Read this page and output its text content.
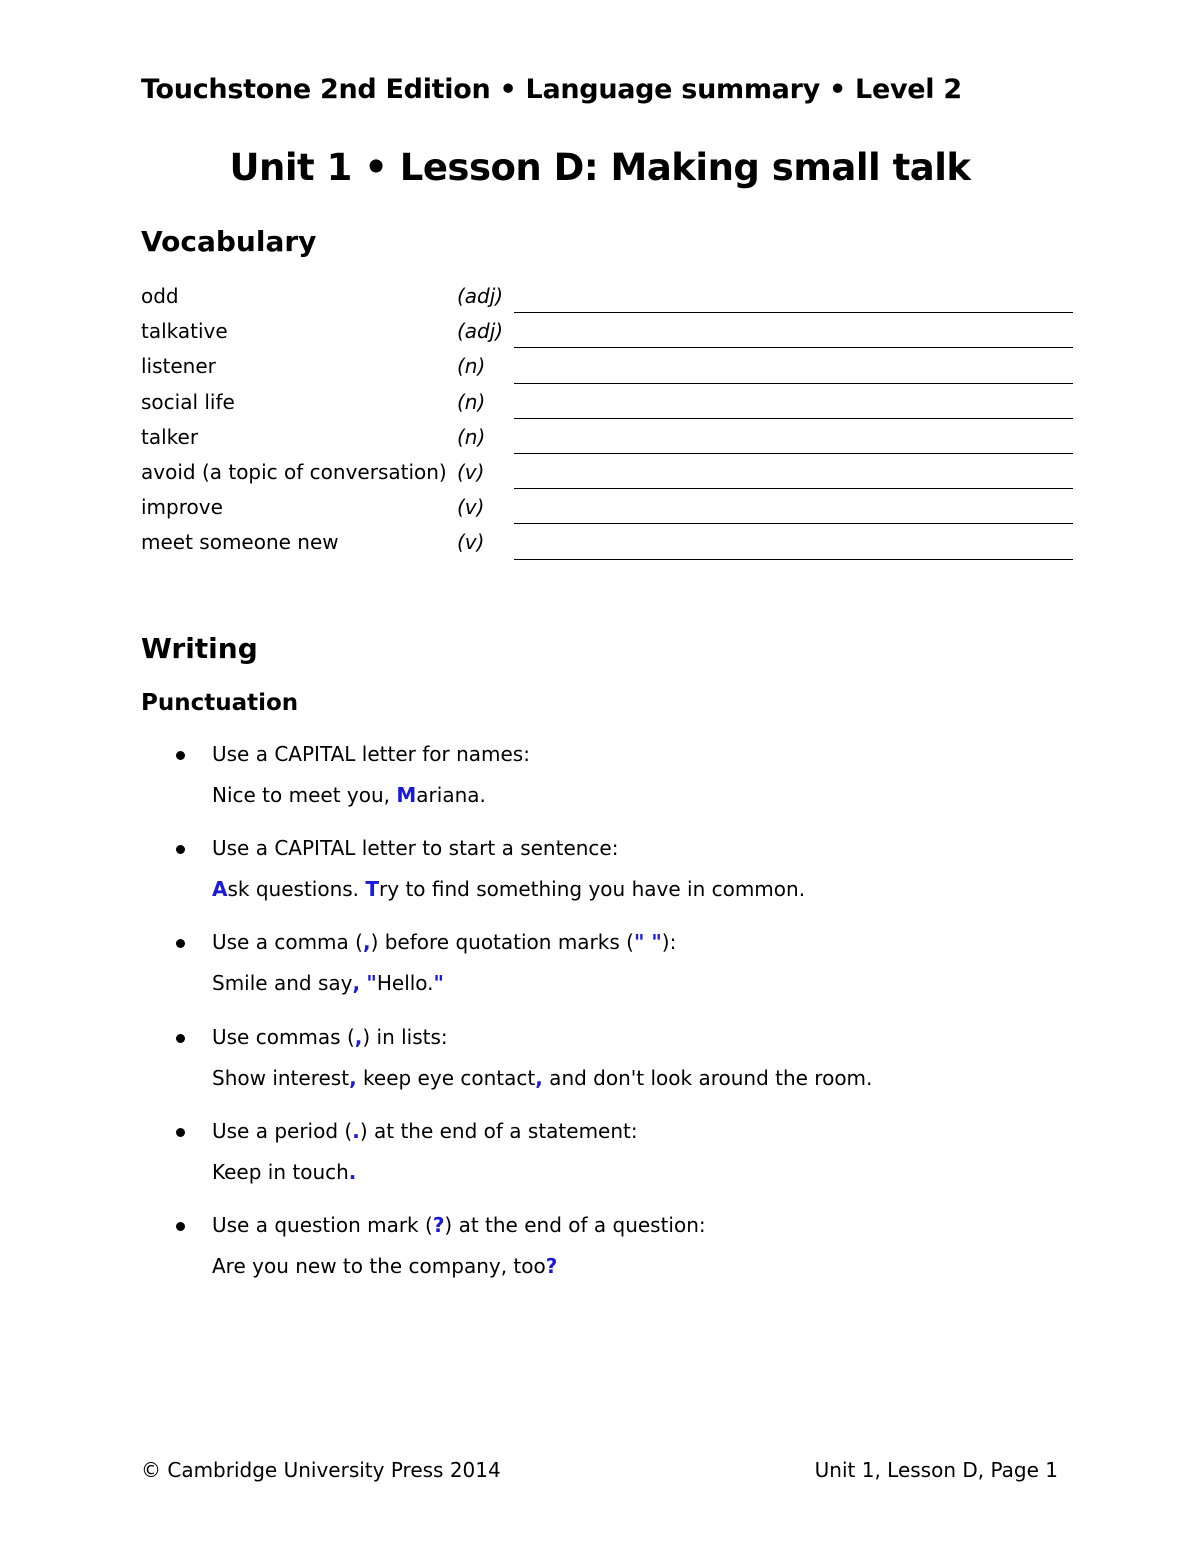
Touchstone 2nd Edition • Language summary • Level 2
Unit 1 • Lesson D: Making small talk
Vocabulary
odd	(adj)
talkative	(adj)
listener	(n)
social life	(n)
talker	(n)
avoid (a topic of conversation) (v)
improve	(v)
meet someone new	(v)
Writing
Punctuation
Use a CAPITAL letter for names:
Nice to meet you, Mariana.
Use a CAPITAL letter to start a sentence:
Ask questions. Try to find something you have in common.
Use a comma (,) before quotation marks (" "):
Smile and say, "Hello."
Use commas (,) in lists:
Show interest, keep eye contact, and don't look around the room.
Use a period (.) at the end of a statement:
Keep in touch.
Use a question mark (?) at the end of a question:
Are you new to the company, too?
© Cambridge University Press 2014	Unit 1, Lesson D, Page 1
